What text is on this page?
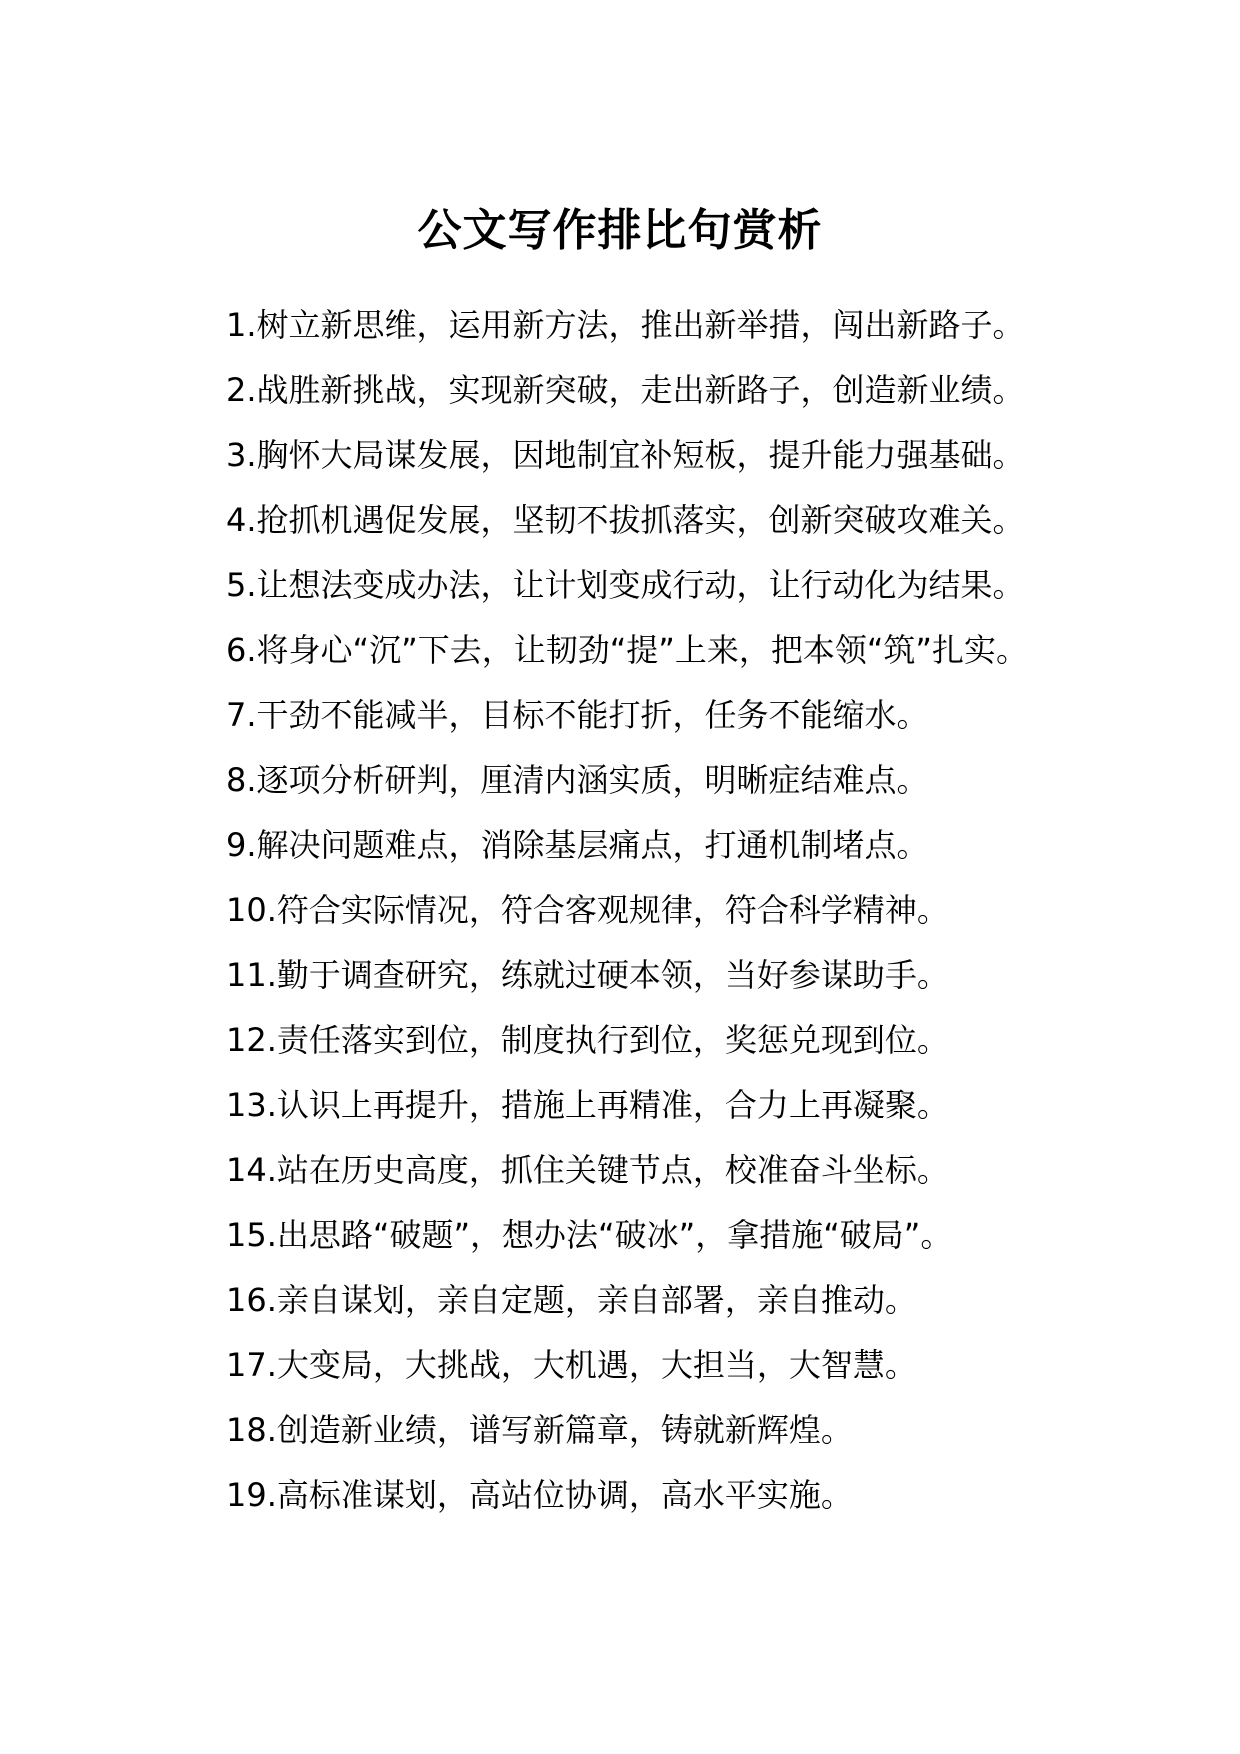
公文写作排比句赏析
1.树立新思维，运用新方法，推出新举措，闯出新路子。
2.战胜新挑战，实现新突破，走出新路子，创造新业绩。
3.胸怀大局谋发展，因地制宜补短板，提升能力强基础。
4.抢抓机遇促发展，坚韧不拔抓落实，创新突破攻难关。
5.让想法变成办法，让计划变成行动，让行动化为结果。
6.将身心“沉”下去，让韧劲“提”上来，把本领“筑”扎实。
7.干劲不能减半，目标不能打折，任务不能缩水。
8.逐项分析研判，厘清内涵实质，明晰症结难点。
9.解决问题难点，消除基层痛点，打通机制堵点。
10.符合实际情况，符合客观规律，符合科学精神。
11.勤于调查研究，练就过硬本领，当好参谋助手。
12.责任落实到位，制度执行到位，奖惩兑现到位。
13.认识上再提升，措施上再精准，合力上再凝聚。
14.站在历史高度，抓住关键节点，校准奋斗坐标。
15.出思路“破题”，想办法“破冰”，拿措施“破局”。
16.亲自谋划，亲自定题，亲自部署，亲自推动。
17.大变局，大挑战，大机遇，大担当，大智慧。
18.创造新业绩，谱写新篇章，铸就新辉煌。
19.高标准谋划，高站位协调，高水平实施。
